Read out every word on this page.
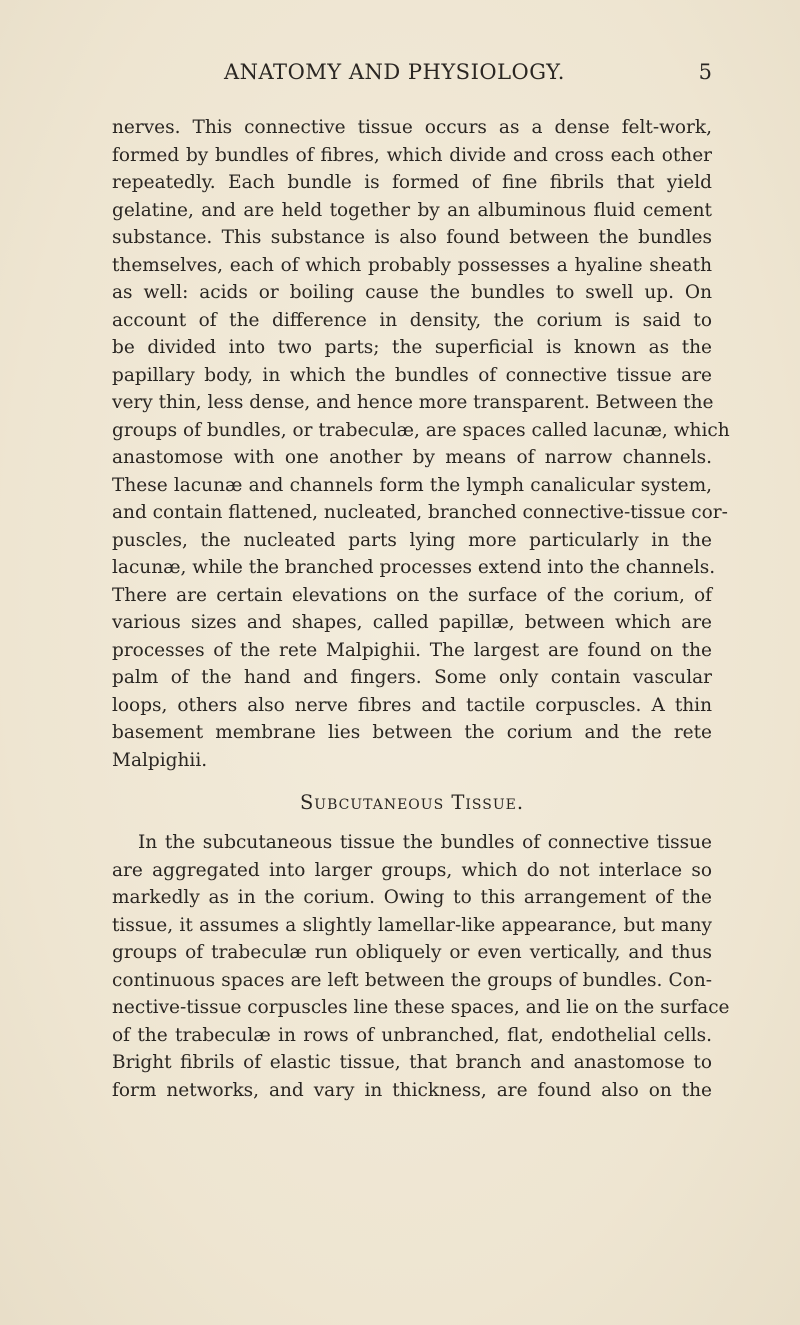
ANATOMY AND PHYSIOLOGY.	5
nerves. This connective tissue occurs as a dense felt-work,
formed by bundles of fibres, which divide and cross each other
repeatedly. Each bundle is formed of fine fibrils that yield
gelatine, and are held together by an albuminous fluid cement
substance. This substance is also found between the bundles
themselves, each of which probably possesses a hyaline sheath
as well: acids or boiling cause the bundles to swell up. On
account of the difference in density, the corium is said to
be divided into two parts; the superficial is known as the
papillary body, in which the bundles of connective tissue are
very thin, less dense, and hence more transparent. Between the
groups of bundles, or trabeculæ, are spaces called lacunæ, which
anastomose with one another by means of narrow channels.
These lacunæ and channels form the lymph canalicular system,
and contain flattened, nucleated, branched connective-tissue cor-
puscles, the nucleated parts lying more particularly in the
lacunæ, while the branched processes extend into the channels.
There are certain elevations on the surface of the corium, of
various sizes and shapes, called papillæ, between which are
processes of the rete Malpighii. The largest are found on the
palm of the hand and fingers. Some only contain vascular
loops, others also nerve fibres and tactile corpuscles. A thin
basement membrane lies between the corium and the rete
Malpighii.
Subcutaneous Tissue.
In the subcutaneous tissue the bundles of connective tissue
are aggregated into larger groups, which do not interlace so
markedly as in the corium. Owing to this arrangement of the
tissue, it assumes a slightly lamellar-like appearance, but many
groups of trabeculæ run obliquely or even vertically, and thus
continuous spaces are left between the groups of bundles. Con-
nective-tissue corpuscles line these spaces, and lie on the surface
of the trabeculæ in rows of unbranched, flat, endothelial cells.
Bright fibrils of elastic tissue, that branch and anastomose to
form networks, and vary in thickness, are found also on the
